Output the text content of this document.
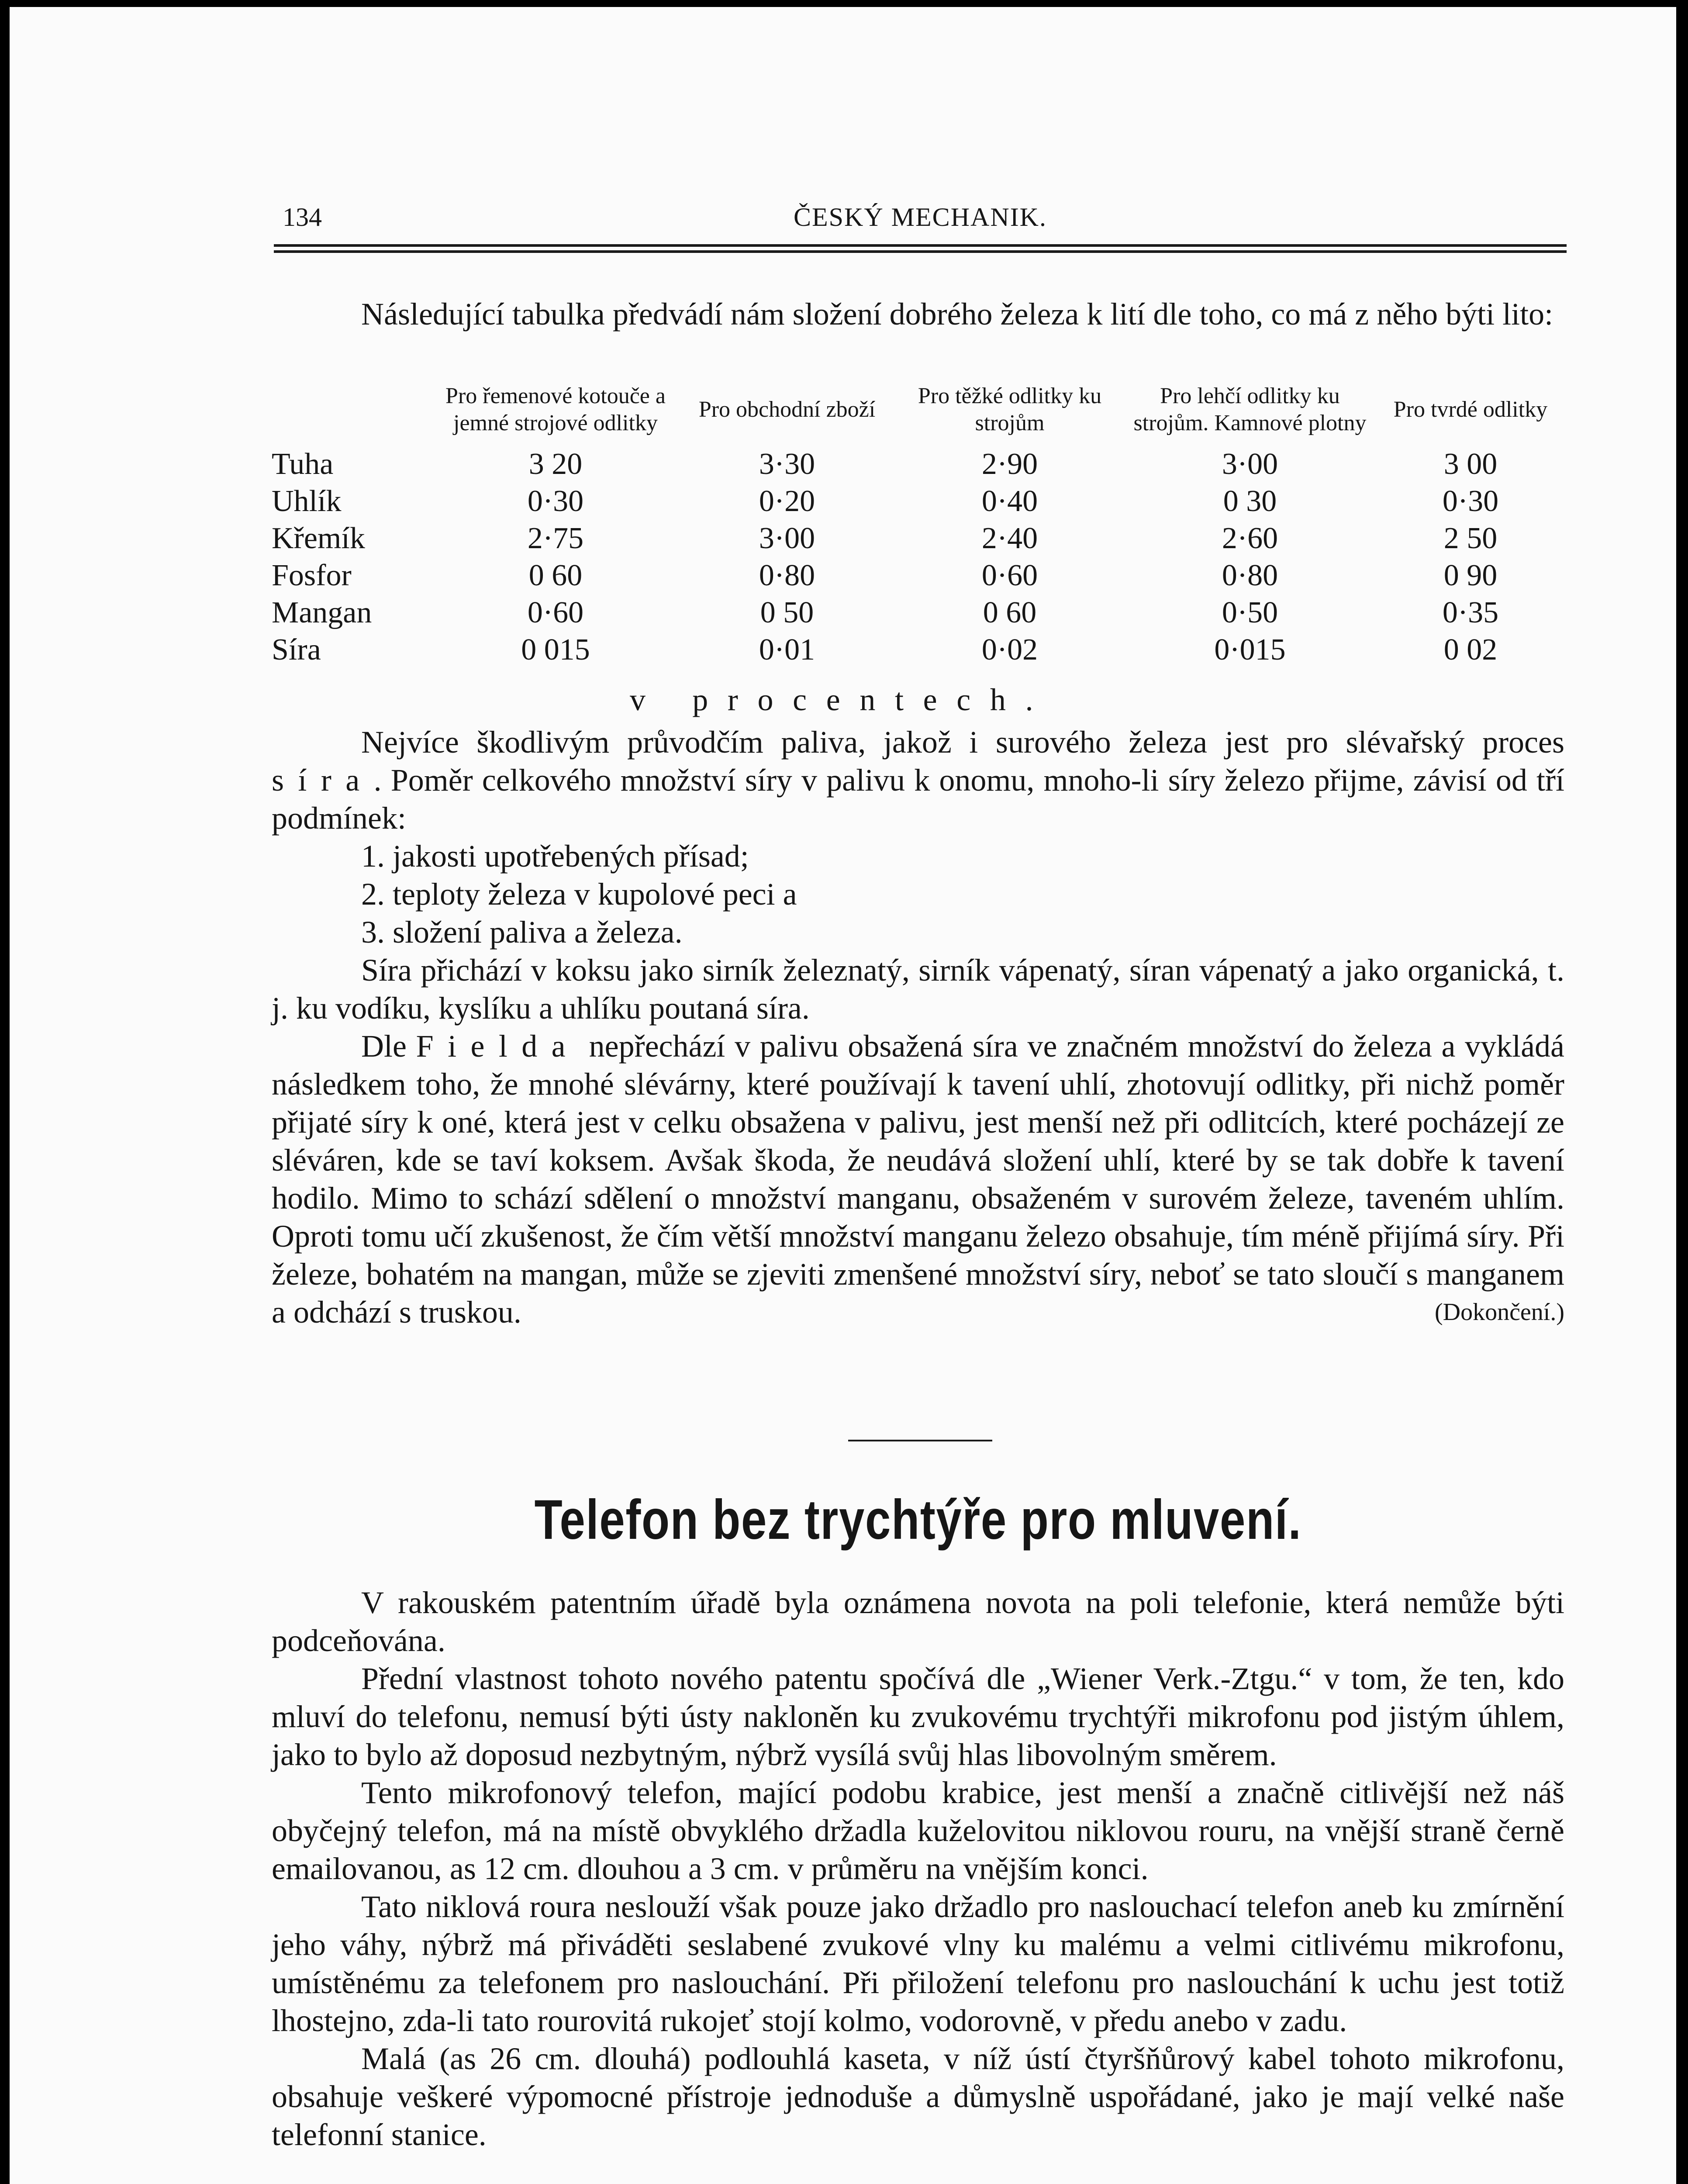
134	ČESKÝ MECHANIK.

Následující tabulka předvádí nám složení dobrého železa k lití dle toho, co má z něho býti lito:

	Pro řemenové kotouče a jemné strojové odlitky	Pro obchodní zboží	Pro těžké odlitky ku strojům	Pro lehčí odlitky ku strojům. Kamnové plotny	Pro tvrdé odlitky
Tuha	3 20	3·30	2·90	3·00	3 00
Uhlík	0·30	0·20	0·40	0 30	0·30
Křemík	2·75	3·00	2·40	2·60	2 50
Fosfor	0 60	0·80	0·60	0·80	0 90
Mangan	0·60	0 50	0 60	0·50	0·35
Síra	0 015	0·01	0·02	0·015	0 02
v procentech.

Nejvíce škodlivým průvodčím paliva, jakož i surového železa jest pro slévařský proces síra. Poměr celkového množství síry v palivu k onomu, mnoho-li síry železo přijme, závisí od tří podmínek:

1. jakosti upotřebených přísad;

2. teploty železa v kupolové peci a

3. složení paliva a železa.

Síra přichází v koksu jako sirník železnatý, sirník vápenatý, síran vápenatý a jako organická, t. j. ku vodíku, kyslíku a uhlíku poutaná síra.

Dle Fielda nepřechází v palivu obsažená síra ve značném množství do železa a vykládá následkem toho, že mnohé slévárny, které používají k tavení uhlí, zhotovují odlitky, při nichž poměr přijaté síry k oné, která jest v celku obsažena v palivu, jest menší než při odlitcích, které pocházejí ze sléváren, kde se taví koksem. Avšak škoda, že neudává složení uhlí, které by se tak dobře k tavení hodilo. Mimo to schází sdělení o množství manganu, obsaženém v surovém železe, taveném uhlím. Oproti tomu učí zkušenost, že čím větší množství manganu železo obsahuje, tím méně přijímá síry. Při železe, bohatém na mangan, může se zjeviti zmenšené množství síry, neboť se tato sloučí s manganem a odchází s truskou.	(Dokončení.)

Telefon bez trychtýře pro mluvení.

V rakouském patentním úřadě byla oznámena novota na poli telefonie, která nemůže býti podceňována.

Přední vlastnost tohoto nového patentu spočívá dle „Wiener Verk.-Ztgu.“ v tom, že ten, kdo mluví do telefonu, nemusí býti ústy nakloněn ku zvukovému trychtýři mikrofonu pod jistým úhlem, jako to bylo až doposud nezbytným, nýbrž vysílá svůj hlas libovolným směrem.

Tento mikrofonový telefon, mající podobu krabice, jest menší a značně citlivější než náš obyčejný telefon, má na místě obvyklého držadla kuželovitou niklovou rouru, na vnější straně černě emailovanou, as 12 cm. dlouhou a 3 cm. v průměru na vnějším konci.

Tato niklová roura neslouží však pouze jako držadlo pro naslouchací telefon aneb ku zmírnění jeho váhy, nýbrž má přiváděti seslabené zvukové vlny ku malému a velmi citlivému mikrofonu, umístěnému za telefonem pro naslouchání. Při přiložení telefonu pro naslouchání k uchu jest totiž lhostejno, zda-li tato rourovitá rukojeť stojí kolmo, vodorovně, v předu anebo v zadu.

Malá (as 26 cm. dlouhá) podlouhlá kaseta, v níž ústí čtyršňůrový kabel tohoto mikrofonu, obsahuje veškeré výpomocné přístroje jednoduše a důmyslně uspořádané, jako je mají velké naše telefonní stanice.
